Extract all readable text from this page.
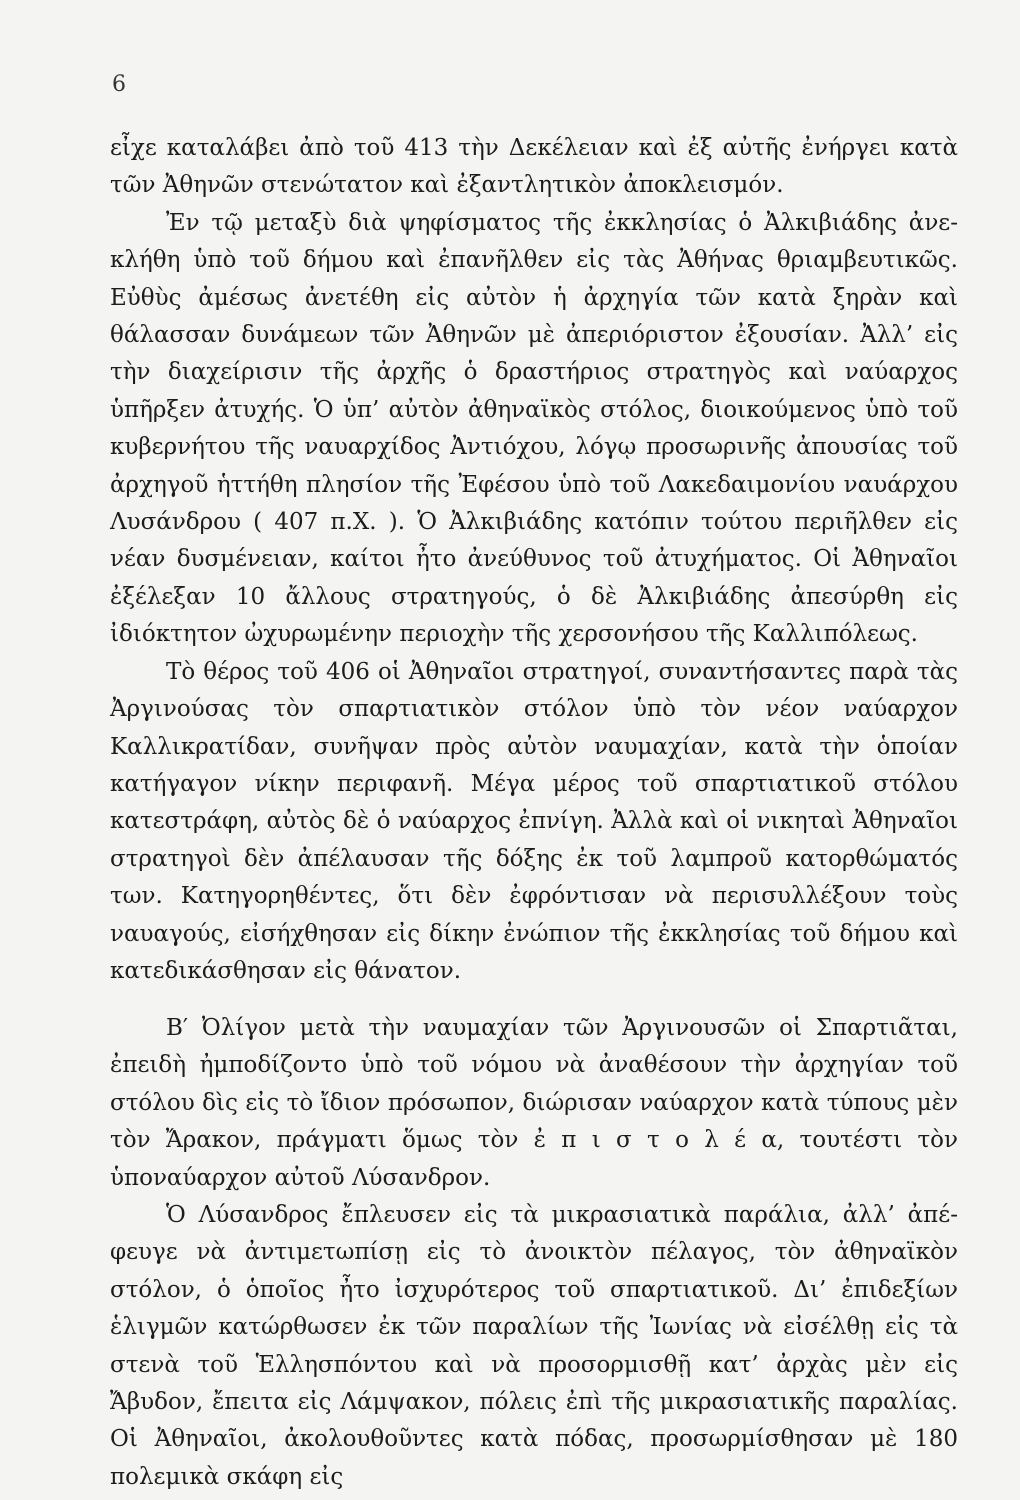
6

εἶχε καταλάβει ἀπὸ τοῦ 413 τὴν Δεκέλειαν καὶ ἐξ αὐτῆς ἐνήργει κατὰ τῶν Ἀθηνῶν στενώτατον καὶ ἐξαντλητικὸν ἀποκλεισμόν.

Ἐν τῷ μεταξὺ διὰ ψηφίσματος τῆς ἐκκλησίας ὁ Ἀλκιβιάδης ἀνεκλήθη ὑπὸ τοῦ δήμου καὶ ἐπανῆλθεν εἰς τὰς Ἀθήνας θριαμβευτικῶς. Εὐθὺς ἀμέσως ἀνετέθη εἰς αὐτὸν ἡ ἀρχηγία τῶν κατὰ ξηρὰν καὶ θάλασσαν δυνάμεων τῶν Ἀθηνῶν μὲ ἀπεριόριστον ἐξουσίαν. Ἀλλ’ εἰς τὴν διαχείρισιν τῆς ἀρχῆς ὁ δραστήριος στρατηγὸς καὶ ναύαρχος ὑπῆρξεν ἀτυχής. Ὁ ὑπ’ αὐτὸν ἀθηναϊκὸς στόλος, διοικούμενος ὑπὸ τοῦ κυβερνήτου τῆς ναυαρχίδος Ἀντιόχου, λόγῳ προσωρινῆς ἀπουσίας τοῦ ἀρχηγοῦ ἡττήθη πλησίον τῆς Ἐφέσου ὑπὸ τοῦ Λακεδαιμονίου ναυάρχου Λυσάνδρου ( 407 π.Χ. ). Ὁ Ἀλκιβιάδης κατόπιν τούτου περιῆλθεν εἰς νέαν δυσμένειαν, καίτοι ἦτο ἀνεύθυνος τοῦ ἀτυχήματος. Οἱ Ἀθηναῖοι ἐξέλεξαν 10 ἄλλους στρατηγούς, ὁ δὲ Ἀλκιβιάδης ἀπεσύρθη εἰς ἰδιόκτητον ὠχυρωμένην περιοχὴν τῆς χερσονήσου τῆς Καλλιπόλεως.

Τὸ θέρος τοῦ 406 οἱ Ἀθηναῖοι στρατηγοί, συναντήσαντες παρὰ τὰς Ἀργινούσας τὸν σπαρτιατικὸν στόλον ὑπὸ τὸν νέον ναύαρχον Καλλικρατίδαν, συνῆψαν πρὸς αὐτὸν ναυμαχίαν, κατὰ τὴν ὁποίαν κατήγαγον νίκην περιφανῆ. Μέγα μέρος τοῦ σπαρτιατικοῦ στόλου κατεστράφη, αὐτὸς δὲ ὁ ναύαρχος ἐπνίγη. Ἀλλὰ καὶ οἱ νικηταὶ Ἀθηναῖοι στρατηγοὶ δὲν ἀπέλαυσαν τῆς δόξης ἐκ τοῦ λαμπροῦ κατορθώματός των. Κατηγορηθέντες, ὅτι δὲν ἐφρόντισαν νὰ περισυλλέξουν τοὺς ναυαγούς, εἰσήχθησαν εἰς δίκην ἐνώπιον τῆς ἐκκλησίας τοῦ δήμου καὶ κατεδικάσθησαν εἰς θάνατον.

Β′ Ὀλίγον μετὰ τὴν ναυμαχίαν τῶν Ἀργινουσῶν οἱ Σπαρτιᾶται, ἐπειδὴ ἠμποδίζοντο ὑπὸ τοῦ νόμου νὰ ἀναθέσουν τὴν ἀρχηγίαν τοῦ στόλου δὶς εἰς τὸ ἴδιον πρόσωπον, διώρισαν ναύαρχον κατὰ τύπους μὲν τὸν Ἄρακον, πράγματι ὅμως τὸν ἐ π ι σ τ ο λ έ α, τουτέστι τὸν ὑποναύαρχον αὐτοῦ Λύσανδρον.

Ὁ Λύσανδρος ἔπλευσεν εἰς τὰ μικρασιατικὰ παράλια, ἀλλ’ ἀπέφευγε νὰ ἀντιμετωπίσῃ εἰς τὸ ἀνοικτὸν πέλαγος, τὸν ἀθηναϊκὸν στόλον, ὁ ὁποῖος ἦτο ἰσχυρότερος τοῦ σπαρτιατικοῦ. Δι’ ἐπιδεξίων ἑλιγμῶν κατώρθωσεν ἐκ τῶν παραλίων τῆς Ἰωνίας νὰ εἰσέλθῃ εἰς τὰ στενὰ τοῦ Ἑλλησπόντου καὶ νὰ προσορμισθῇ κατ’ ἀρχὰς μὲν εἰς Ἄβυδον, ἔπειτα εἰς Λάμψακον, πόλεις ἐπὶ τῆς μικρασιατικῆς παραλίας. Οἱ Ἀθηναῖοι, ἀκολουθοῦντες κατὰ πόδας, προσωρμίσθησαν μὲ 180 πολεμικὰ σκάφη εἰς
